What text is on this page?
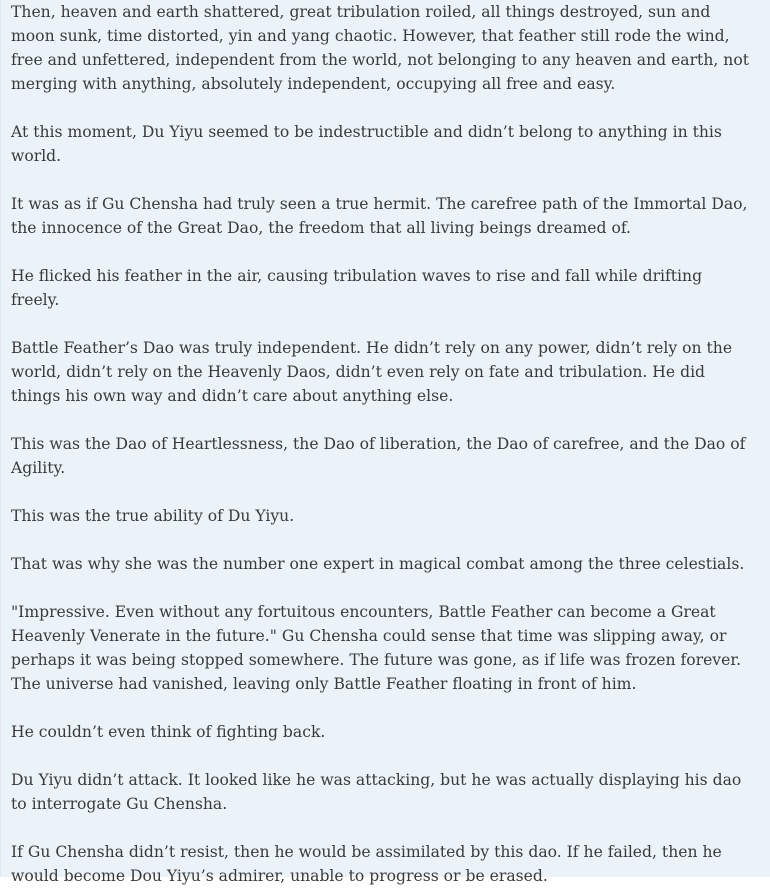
Then, heaven and earth shattered, great tribulation roiled, all things destroyed, sun and moon sunk, time distorted, yin and yang chaotic. However, that feather still rode the wind, free and unfettered, independent from the world, not belonging to any heaven and earth, not merging with anything, absolutely independent, occupying all free and easy.

At this moment, Du Yiyu seemed to be indestructible and didn’t belong to anything in this world.

It was as if Gu Chensha had truly seen a true hermit. The carefree path of the Immortal Dao, the innocence of the Great Dao, the freedom that all living beings dreamed of.

He flicked his feather in the air, causing tribulation waves to rise and fall while drifting freely.

Battle Feather’s Dao was truly independent. He didn’t rely on any power, didn’t rely on the world, didn’t rely on the Heavenly Daos, didn’t even rely on fate and tribulation. He did things his own way and didn’t care about anything else.

This was the Dao of Heartlessness, the Dao of liberation, the Dao of carefree, and the Dao of Agility.

This was the true ability of Du Yiyu.

That was why she was the number one expert in magical combat among the three celestials.

"Impressive. Even without any fortuitous encounters, Battle Feather can become a Great Heavenly Venerate in the future." Gu Chensha could sense that time was slipping away, or perhaps it was being stopped somewhere. The future was gone, as if life was frozen forever. The universe had vanished, leaving only Battle Feather floating in front of him.

He couldn’t even think of fighting back.

Du Yiyu didn’t attack. It looked like he was attacking, but he was actually displaying his dao to interrogate Gu Chensha.

If Gu Chensha didn’t resist, then he would be assimilated by this dao. If he failed, then he would become Dou Yiyu’s admirer, unable to progress or be erased.
